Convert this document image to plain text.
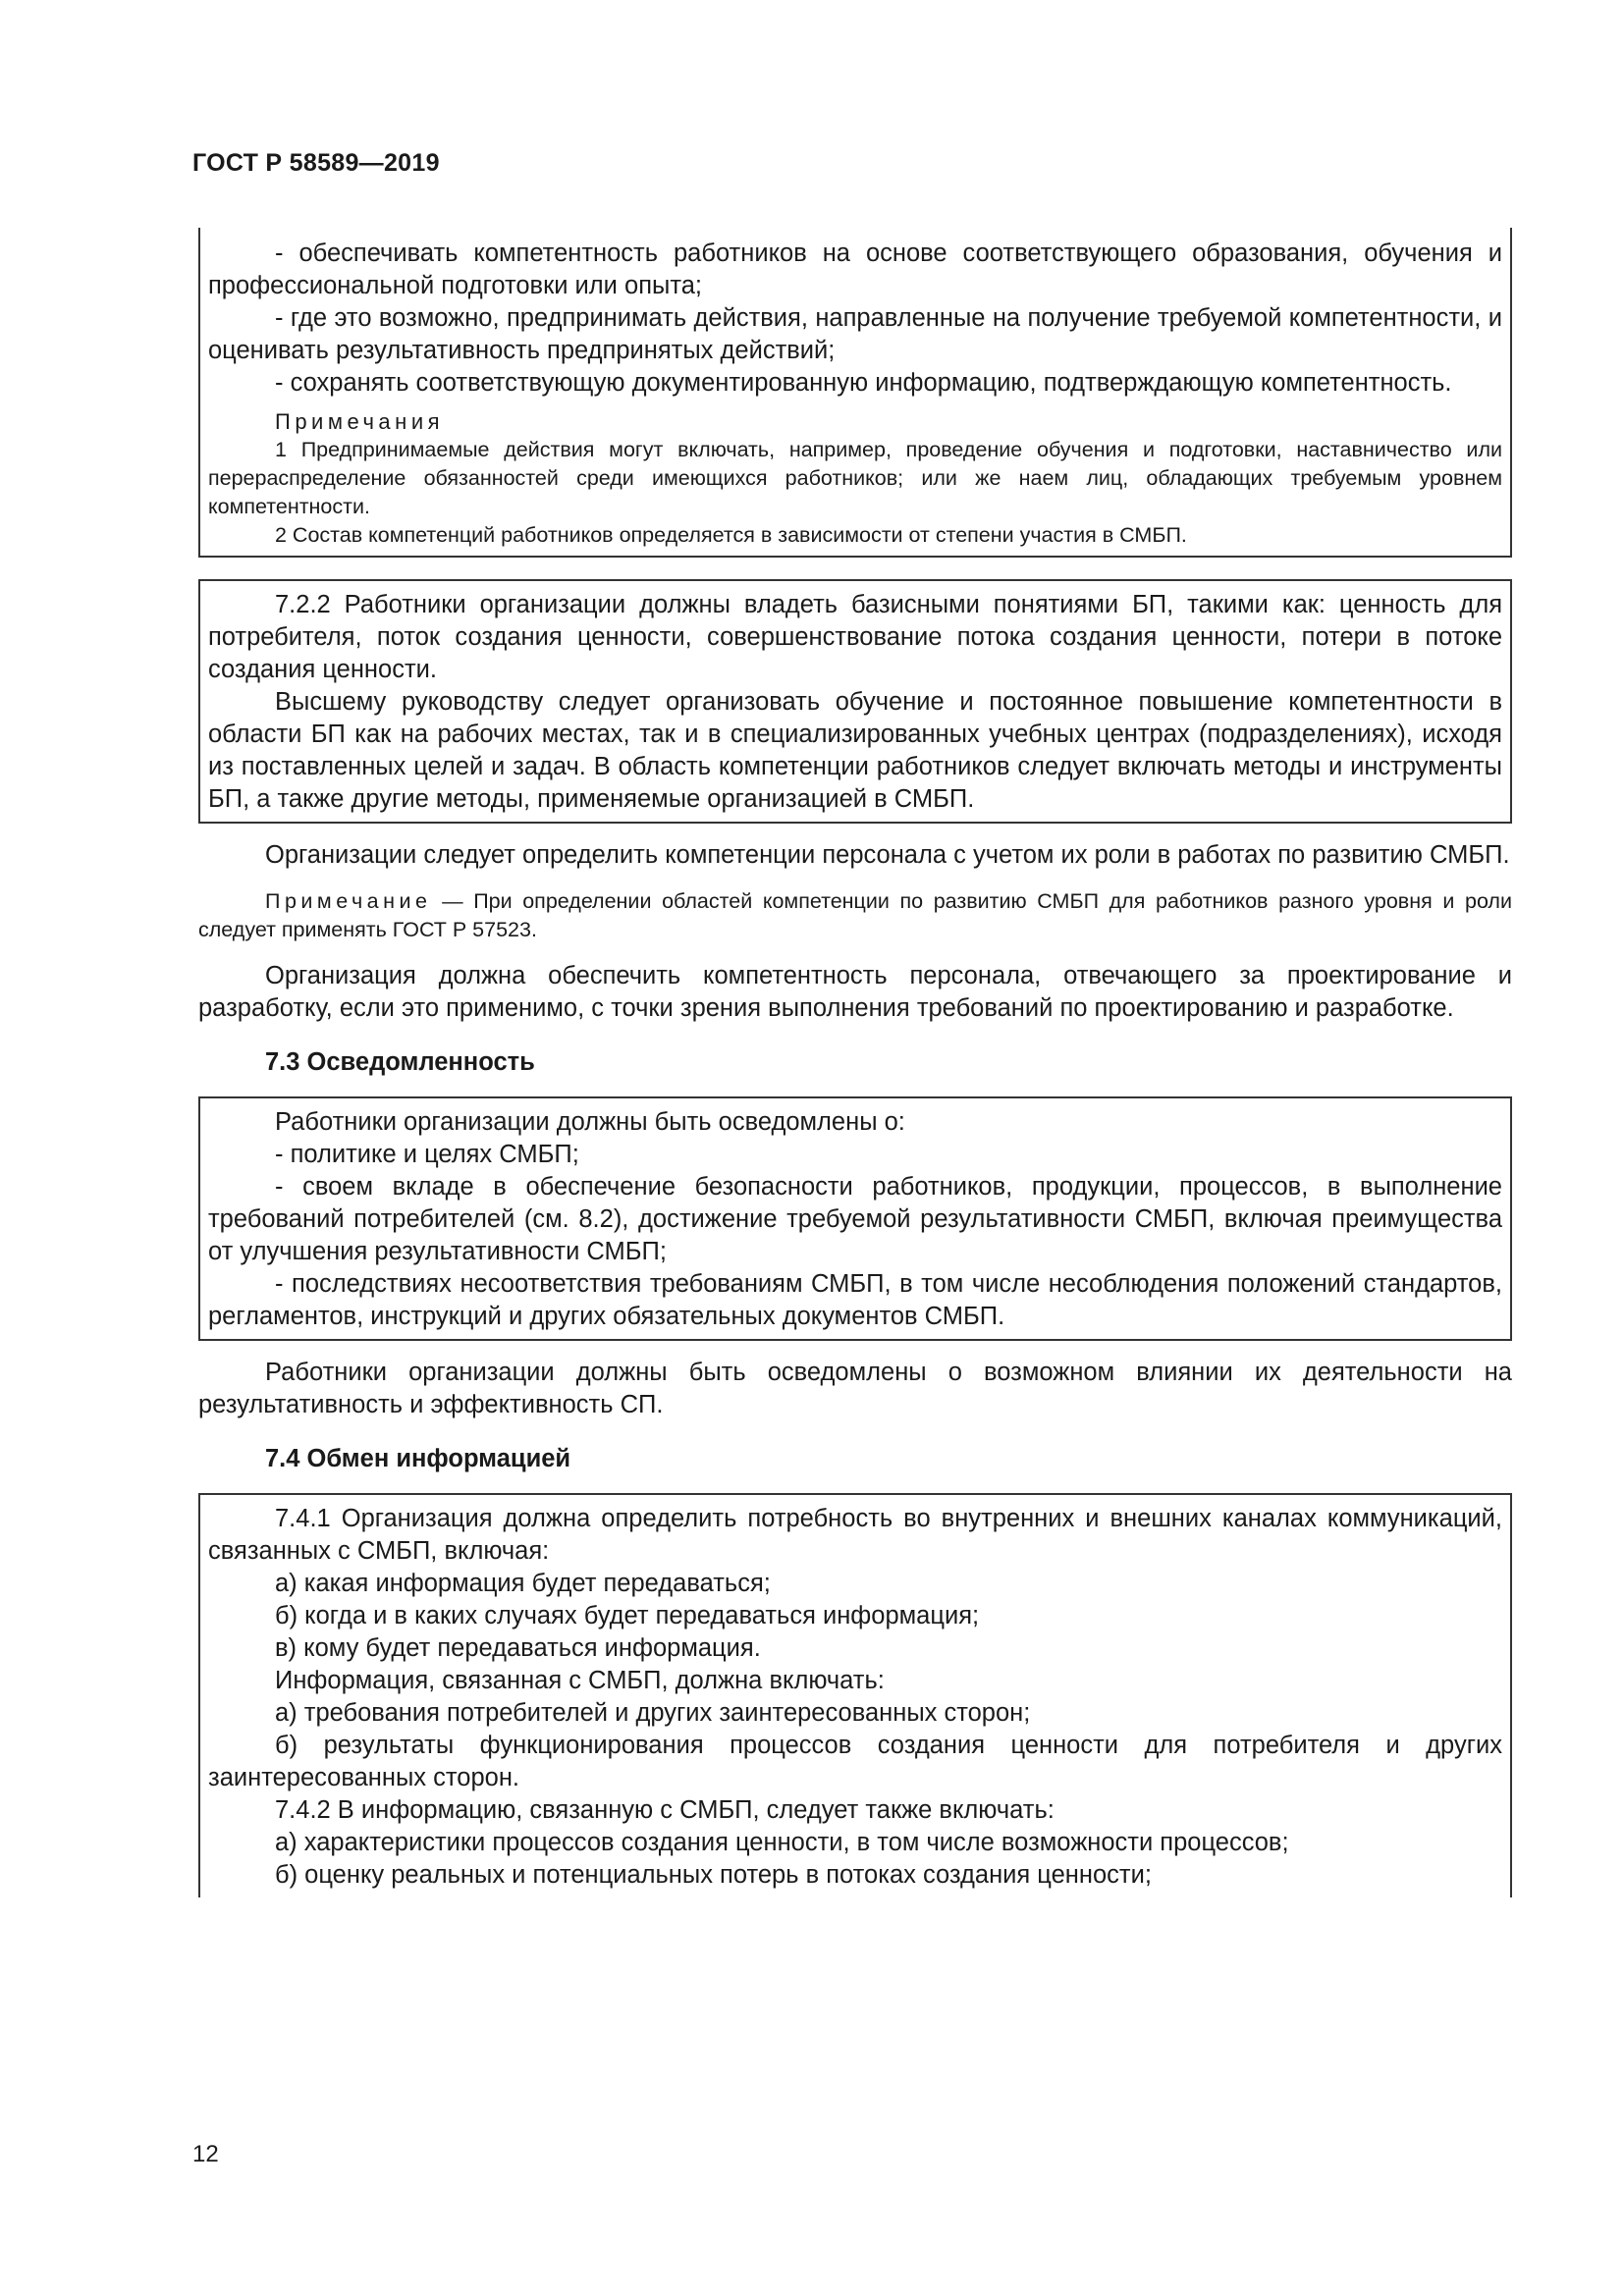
ГОСТ Р 58589—2019

- обеспечивать компетентность работников на основе соответствующего образования, обучения и профессиональной подготовки или опыта;

- где это возможно, предпринимать действия, направленные на получение требуемой компетентности, и оценивать результативность предпринятых действий;

- сохранять соответствующую документированную информацию, подтверждающую компетентность.

Примечания

1 Предпринимаемые действия могут включать, например, проведение обучения и подготовки, наставничество или перераспределение обязанностей среди имеющихся работников; или же наем лиц, обладающих требуемым уровнем компетентности.

2 Состав компетенций работников определяется в зависимости от степени участия в СМБП.

7.2.2 Работники организации должны владеть базисными понятиями БП, такими как: ценность для потребителя, поток создания ценности, совершенствование потока создания ценности, потери в потоке создания ценности.

Высшему руководству следует организовать обучение и постоянное повышение компетентности в области БП как на рабочих местах, так и в специализированных учебных центрах (подразделениях), исходя из поставленных целей и задач. В область компетенции работников следует включать методы и инструменты БП, а также другие методы, применяемые организацией в СМБП.

Организации следует определить компетенции персонала с учетом их роли в работах по развитию СМБП.

Примечание — При определении областей компетенции по развитию СМБП для работников разного уровня и роли следует применять ГОСТ Р 57523.

Организация должна обеспечить компетентность персонала, отвечающего за проектирование и разработку, если это применимо, с точки зрения выполнения требований по проектированию и разработке.

7.3 Осведомленность

Работники организации должны быть осведомлены о:

- политике и целях СМБП;

- своем вкладе в обеспечение безопасности работников, продукции, процессов, в выполнение требований потребителей (см. 8.2), достижение требуемой результативности СМБП, включая преимущества от улучшения результативности СМБП;

- последствиях несоответствия требованиям СМБП, в том числе несоблюдения положений стандартов, регламентов, инструкций и других обязательных документов СМБП.

Работники организации должны быть осведомлены о возможном влиянии их деятельности на результативность и эффективность СП.

7.4 Обмен информацией

7.4.1 Организация должна определить потребность во внутренних и внешних каналах коммуникаций, связанных с СМБП, включая:

а) какая информация будет передаваться;

б) когда и в каких случаях будет передаваться информация;

в) кому будет передаваться информация.

Информация, связанная с СМБП, должна включать:

а) требования потребителей и других заинтересованных сторон;

б) результаты функционирования процессов создания ценности для потребителя и других заинтересованных сторон.

7.4.2 В информацию, связанную с СМБП, следует также включать:

а) характеристики процессов создания ценности, в том числе возможности процессов;

б) оценку реальных и потенциальных потерь в потоках создания ценности;

12
